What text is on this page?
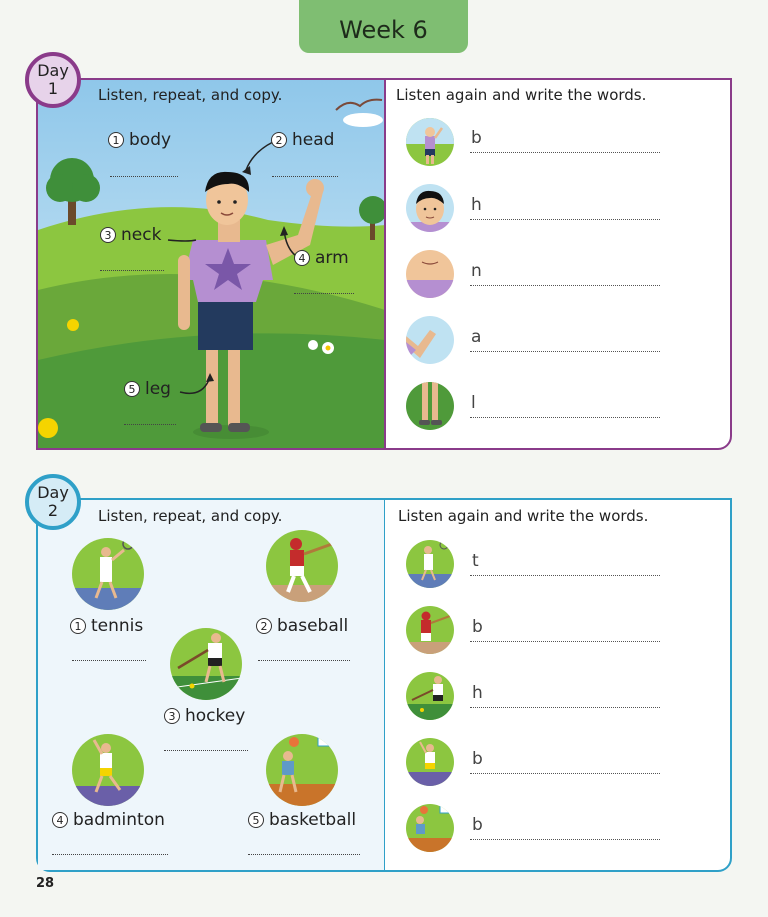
Week 6
Listen, repeat, and copy.
1 body	2 head
3 neck
4 arm
5 leg
Listen again and write the words.
b
h
n
a
l
Day
1
Listen, repeat, and copy.
1 tennis	2 baseball
3 hockey
4 badminton	5 basketball
Listen again and write the words.
t
b
h
b
b
Day
2
28
